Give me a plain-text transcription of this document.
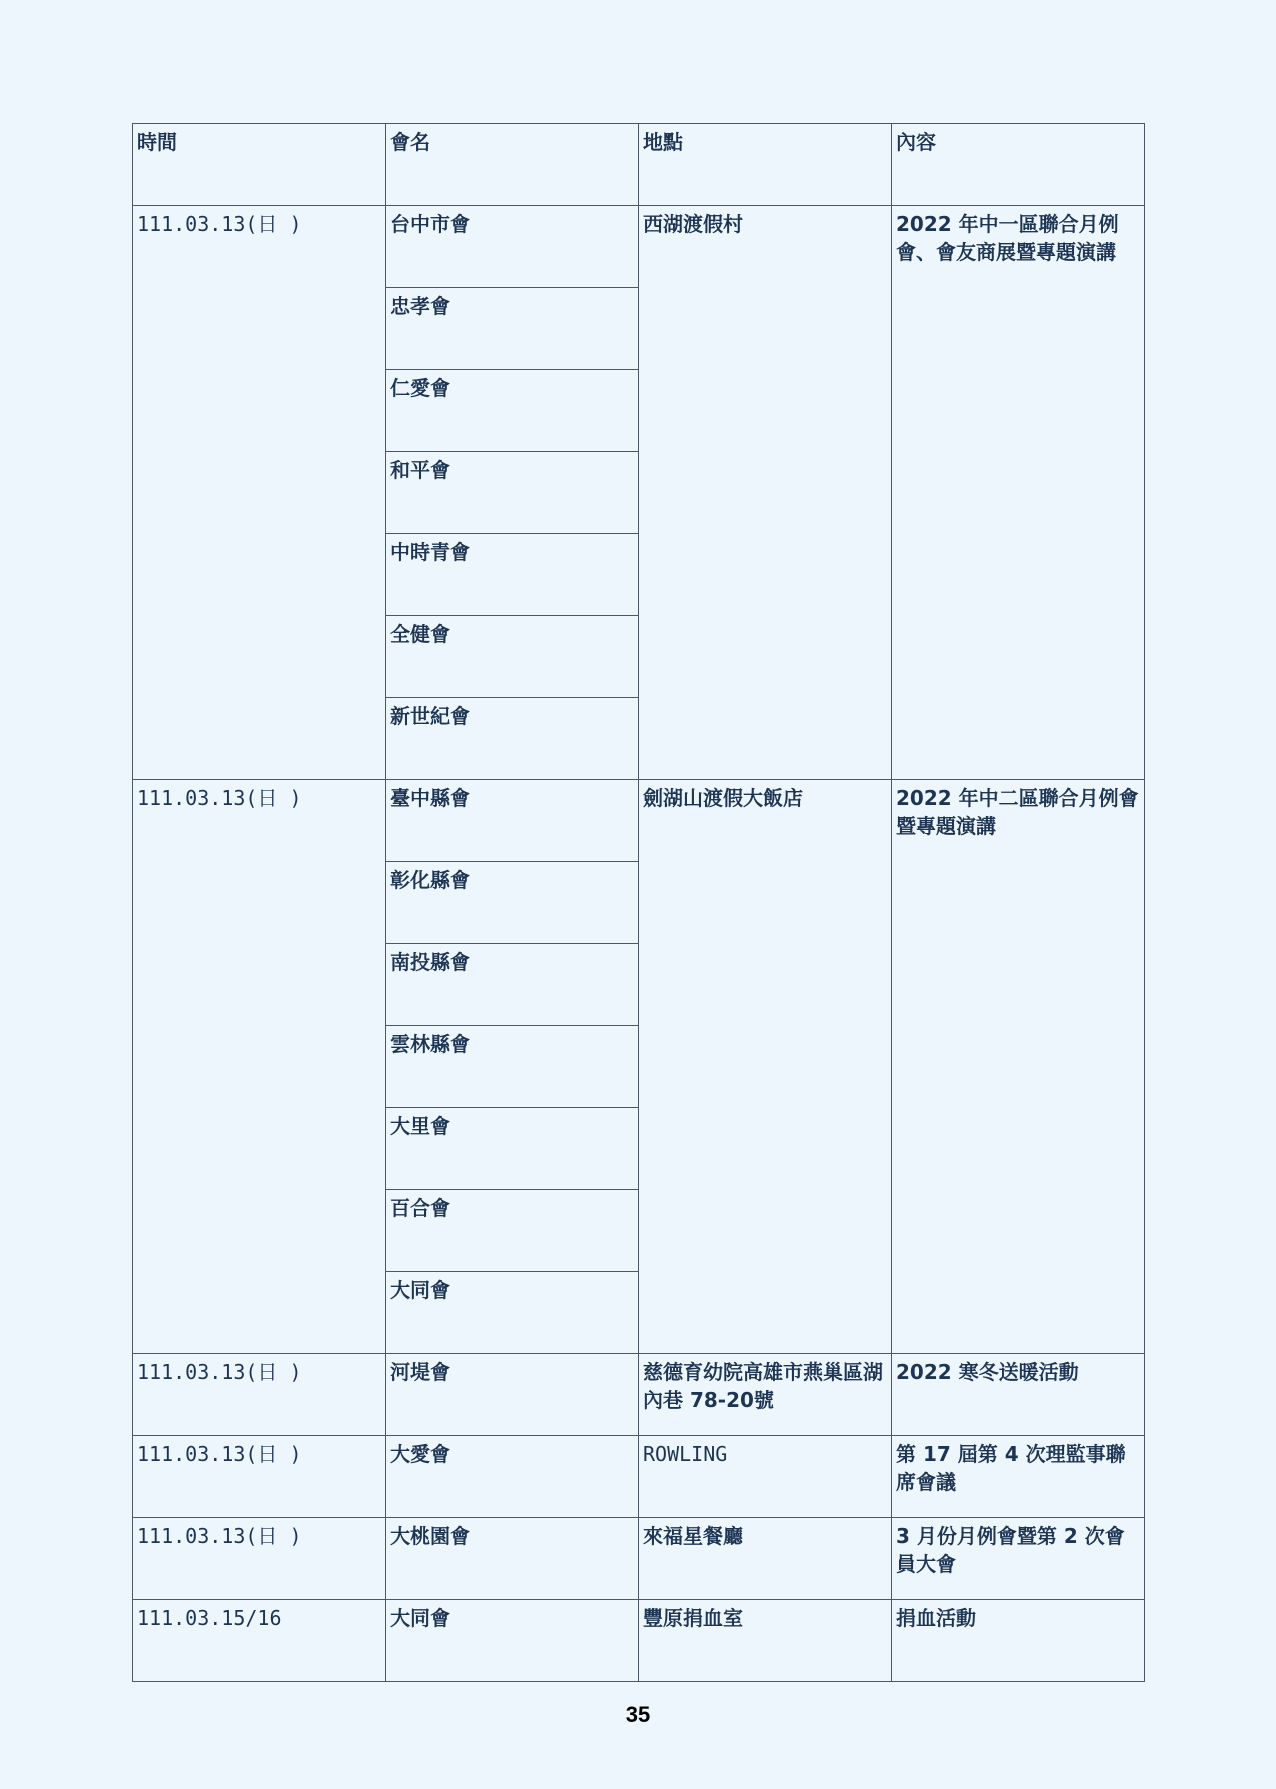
時間	會名	地點	內容
111.03.13(日 )	台中市會	西湖渡假村	2022 年中一區聯合月例會、會友商展暨專題演講
	忠孝會		
	仁愛會		
	和平會		
	中時青會		
	全健會		
	新世紀會		
111.03.13(日 )	臺中縣會	劍湖山渡假大飯店	2022 年中二區聯合月例會暨專題演講
	彰化縣會		
	南投縣會		
	雲林縣會		
	大里會		
	百合會		
	大同會		
111.03.13(日 )	河堤會	慈德育幼院高雄市燕巢區湖內巷 78-20號	2022 寒冬送暖活動
111.03.13(日 )	大愛會	ROWLING	第 17 屆第 4 次理監事聯席會議
111.03.13(日 )	大桃園會	來福星餐廳	3 月份月例會暨第 2 次會員大會
111.03.15/16	大同會	豐原捐血室	捐血活動
35
